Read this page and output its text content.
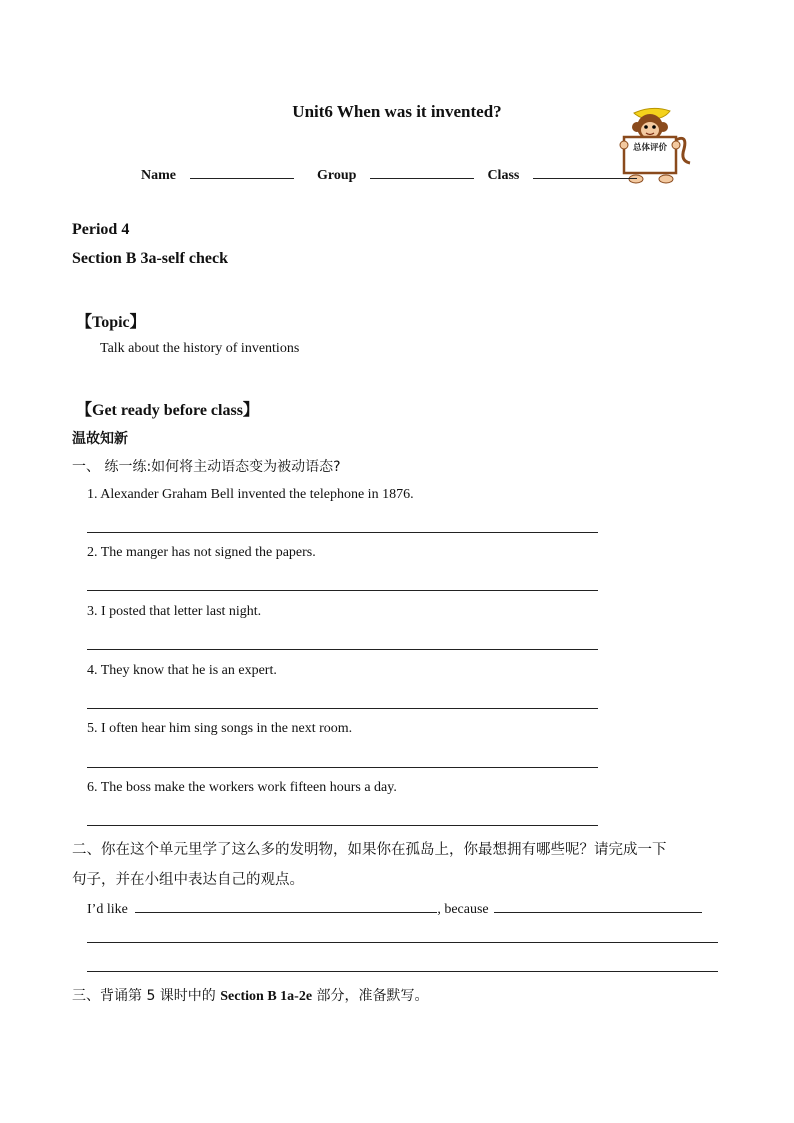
Unit6 When was it invented?
总体评价
Name	Group	Class
Period 4
Section B 3a-self check
【Topic】
Talk about the history of inventions
【Get ready before class】
温故知新
一、 练一练:如何将主动语态变为被动语态?
1. Alexander Graham Bell invented the telephone in 1876.
2. The manger has not signed the papers.
3. I posted that letter last night.
4. They know that he is an expert.
5. I often hear him sing songs in the next room.
6. The boss make the workers work fifteen hours a day.
二、你在这个单元里学了这么多的发明物，如果你在孤岛上，你最想拥有哪些呢？请完成一下
句子，并在小组中表达自己的观点。
I’d like	, because
三、背诵第 5 课时中的 Section B 1a-2e 部分，准备默写。
